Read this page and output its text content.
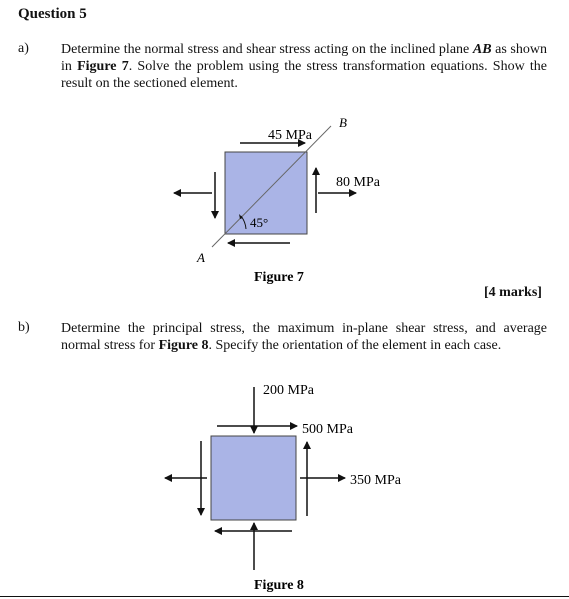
Question 5
a) Determine the normal stress and shear stress acting on the inclined plane AB as shown in Figure 7. Solve the problem using the stress transformation equations. Show the result on the sectioned element.
45 MPa
80 MPa
45°
A
B
Figure 7
200 MPa
500 MPa
350 MPa
Figure 8
[4 marks]
b) Determine the principal stress, the maximum in-plane shear stress, and average normal stress for Figure 8. Specify the orientation of the element in each case.
